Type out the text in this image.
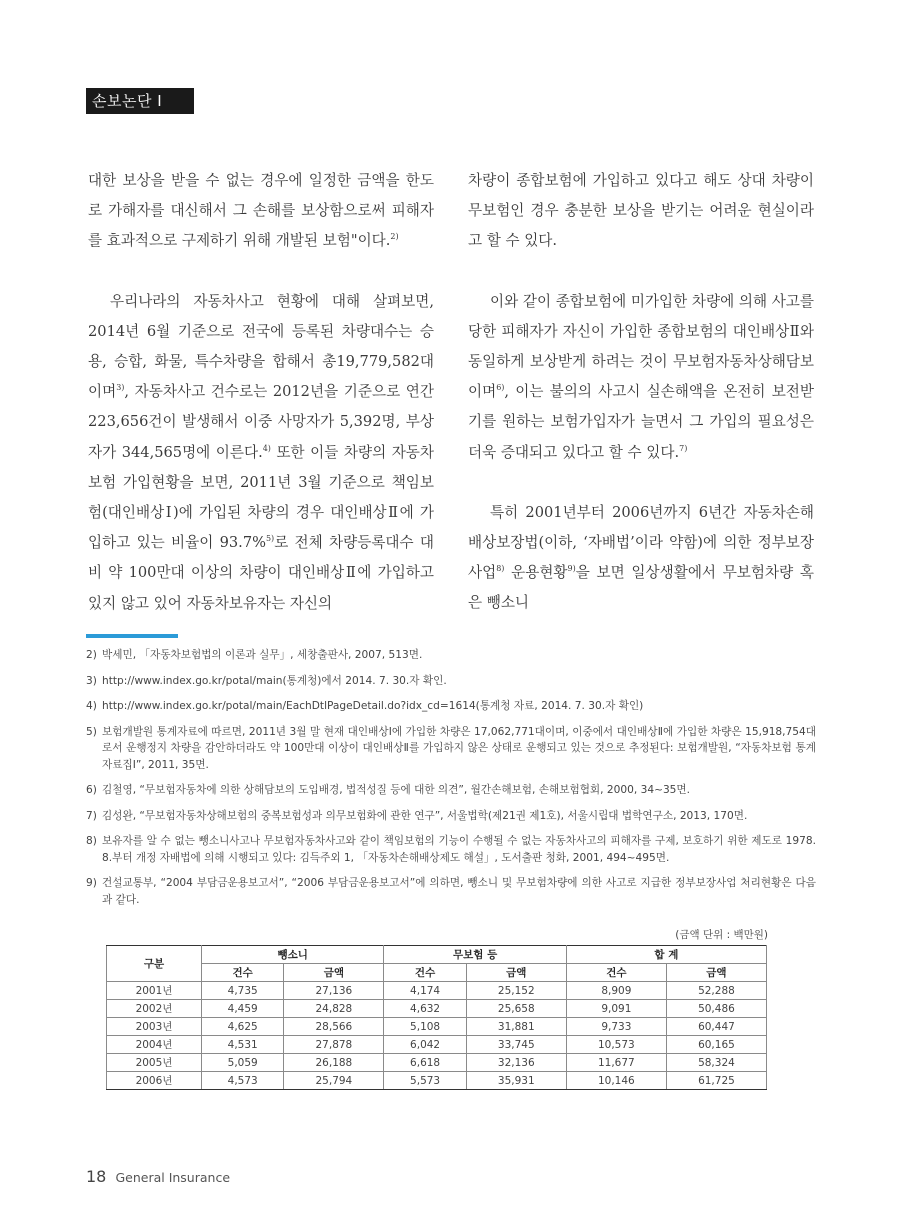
손보논단 I

대한 보상을 받을 수 없는 경우에 일정한 금액을 한도로 가해자를 대신해서 그 손해를 보상함으로써 피해자를 효과적으로 구제하기 위해 개발된 보험"이다.$^{2)}$

우리나라의 자동차사고 현황에 대해 살펴보면, 2014년 6월 기준으로 전국에 등록된 차량대수는 승용, 승합, 화물, 특수차량을 합해서 총19,779,582대이며$^{3)}$, 자동차사고 건수로는 2012년을 기준으로 연간 223,656건이 발생해서 이중 사망자가 5,392명, 부상자가 344,565명에 이른다.$^{4)}$ 또한 이들 차량의 자동차보험 가입현황을 보면, 2011년 3월 기준으로 책임보험(대인배상Ⅰ)에 가입된 차량의 경우 대인배상Ⅱ에 가입하고 있는 비율이 93.7%$^{5)}$로 전체 차량등록대수 대비 약 100만대 이상의 차량이 대인배상Ⅱ에 가입하고 있지 않고 있어 자동차보유자는 자신의

차량이 종합보험에 가입하고 있다고 해도 상대 차량이 무보험인 경우 충분한 보상을 받기는 어려운 현실이라고 할 수 있다.

이와 같이 종합보험에 미가입한 차량에 의해 사고를 당한 피해자가 자신이 가입한 종합보험의 대인배상Ⅱ와 동일하게 보상받게 하려는 것이 무보험자동차상해담보이며$^{6)}$, 이는 불의의 사고시 실손해액을 온전히 보전받기를 원하는 보험가입자가 늘면서 그 가입의 필요성은 더욱 증대되고 있다고 할 수 있다.$^{7)}$

특히 2001년부터 2006년까지 6년간 자동차손해배상보장법(이하, ‘자배법’이라 약함)에 의한 정부보장사업$^{8)}$ 운용현황$^{9)}$을 보면 일상생활에서 무보험차량 혹은 뺑소니

2) 박세민, 「자동차보험법의 이론과 실무」, 세창출판사, 2007, 513면.
3) http://www.index.go.kr/potal/main(통계청)에서 2014. 7. 30.자 확인.
4) http://www.index.go.kr/potal/main/EachDtlPageDetail.do?idx_cd=1614(통계청 자료, 2014. 7. 30.자 확인)
5) 보험개발원 통계자료에 따르면, 2011년 3월 말 현재 대인배상Ⅰ에 가입한 차량은 17,062,771대이며, 이중에서 대인배상Ⅱ에 가입한 차량은 15,918,754대로서 운행정지 차량을 감안하더라도 약 100만대 이상이 대인배상Ⅱ를 가입하지 않은 상태로 운행되고 있는 것으로 추정된다: 보험개발원, “자동차보험 통계자료집Ⅰ”, 2011, 35면.
6) 김철영, “무보험자동차에 의한 상해담보의 도입배경, 법적성질 등에 대한 의견”, 월간손해보험, 손해보험협회, 2000, 34~35면.
7) 김성완, “무보험자동차상해보험의 중복보험성과 의무보험화에 관한 연구”, 서울법학(제21권 제1호), 서울시립대 법학연구소, 2013, 170면.
8) 보유자를 알 수 없는 뺑소니사고나 무보험자동차사고와 같이 책임보험의 기능이 수행될 수 없는 자동차사고의 피해자를 구제, 보호하기 위한 제도로 1978. 8.부터 개정 자배법에 의해 시행되고 있다: 김득주외 1, 「자동차손해배상제도 해설」, 도서출판 청화, 2001, 494~495면.
9) 건설교통부, “2004 부담금운용보고서”, “2006 부담금운용보고서”에 의하면, 뺑소니 및 무보험차량에 의한 사고로 지급한 정부보장사업 처리현황은 다음과 같다.
(금액 단위 : 백만원)
구분	뺑소니		무보험 등		합 계	
	건수	금액	건수	금액	건수	금액
2001년	4,735	27,136	4,174	25,152	8,909	52,288
2002년	4,459	24,828	4,632	25,658	9,091	50,486
2003년	4,625	28,566	5,108	31,881	9,733	60,447
2004년	4,531	27,878	6,042	33,745	10,573	60,165
2005년	5,059	26,188	6,618	32,136	11,677	58,324
2006년	4,573	25,794	5,573	35,931	10,146	61,725
18 General Insurance
